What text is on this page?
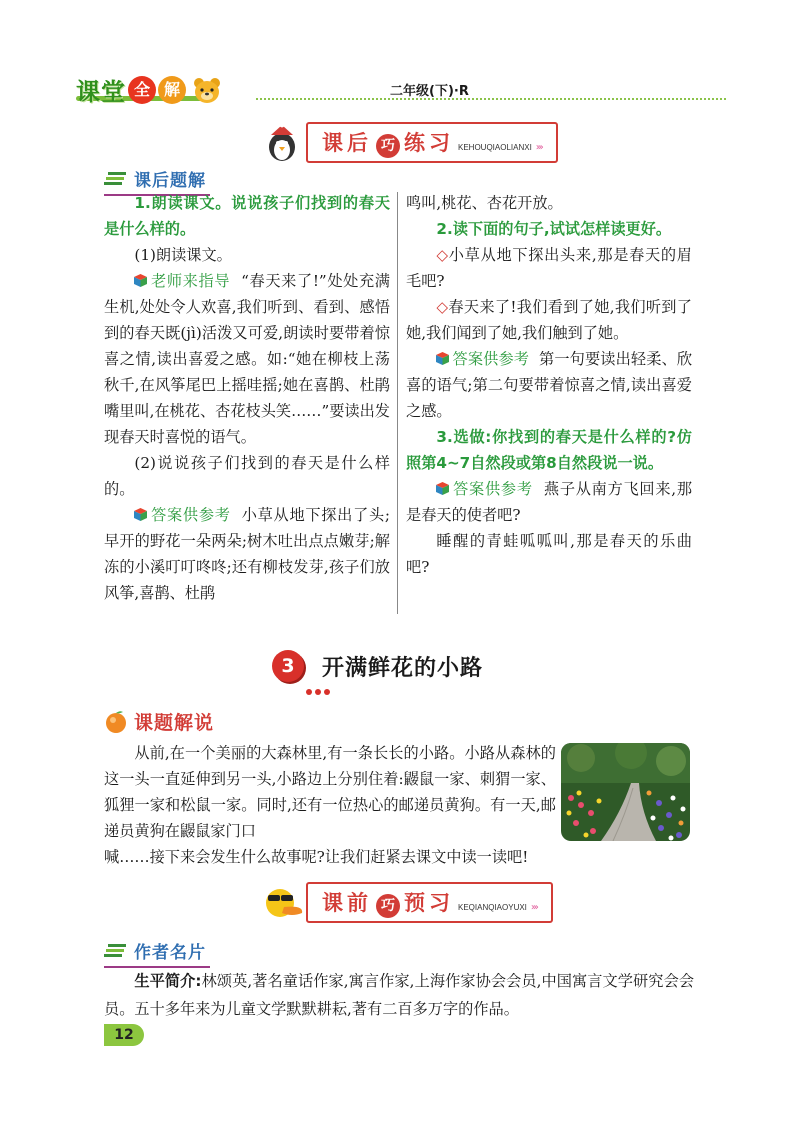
课堂 全 解	二年级(下)·R
课后 巧 练习 KEHOUQIAOLIANXI ›››
课后题解
1.朗读课文。说说孩子们找到的春天是什么样的。
(1)朗读课文。
老师来指导 “春天来了!”处处充满生机,处处令人欢喜,我们听到、看到、感悟到的春天既(jì)活泼又可爱,朗读时要带着惊喜之情,读出喜爱之感。如:“她在柳枝上荡秋千,在风筝尾巴上摇哇摇;她在喜鹊、杜鹃嘴里叫,在桃花、杏花枝头笑……”要读出发现春天时喜悦的语气。
(2)说说孩子们找到的春天是什么样的。
答案供参考 小草从地下探出了头;早开的野花一朵两朵;树木吐出点点嫩芽;解冻的小溪叮叮咚咚;还有柳枝发芽,孩子们放风筝,喜鹊、杜鹃
鸣叫,桃花、杏花开放。
2.读下面的句子,试试怎样读更好。
◇小草从地下探出头来,那是春天的眉毛吧?
◇春天来了!我们看到了她,我们听到了她,我们闻到了她,我们触到了她。
答案供参考 第一句要读出轻柔、欣喜的语气;第二句要带着惊喜之情,读出喜爱之感。
3.选做:你找到的春天是什么样的?仿照第4~7自然段或第8自然段说一说。
答案供参考 燕子从南方飞回来,那是春天的使者吧?
睡醒的青蛙呱呱叫,那是春天的乐曲吧?
3	开满鲜花的小路
课题解说
从前,在一个美丽的大森林里,有一条长长的小路。小路从森林的这一头一直延伸到另一头,小路边上分别住着:鼹鼠一家、刺猬一家、狐狸一家和松鼠一家。同时,还有一位热心的邮递员黄狗。有一天,邮递员黄狗在鼹鼠家门口
喊……接下来会发生什么故事呢?让我们赶紧去课文中读一读吧!
课前 巧 预习 KEQIANQIAOYUXI ›››
作者名片
生平简介:林颂英,著名童话作家,寓言作家,上海作家协会会员,中国寓言文学研究会会员。五十多年来为儿童文学默默耕耘,著有二百多万字的作品。
12
